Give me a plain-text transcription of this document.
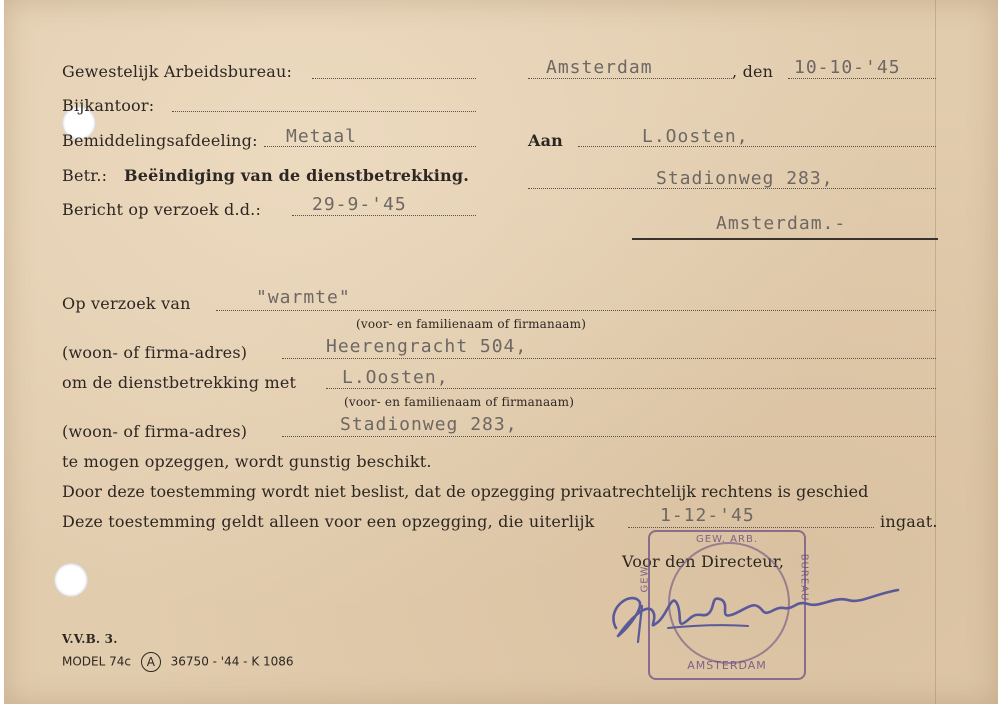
Gewestelijk Arbeidsbureau:
Bijkantoor:
Bemiddelingsafdeeling: Metaal
Betr.: Beëindiging van de dienstbetrekking.
Bericht op verzoek d.d.:	29-9-'45
Amsterdam	, den 10-10-'45
Aan	L.Oosten,
Stadionweg 283,
Amsterdam.-
Op verzoek van	"warmte"
(voor- en familienaam of firmanaam)
(woon- of firma-adres)	Heerengracht 504,
om de dienstbetrekking met	L.Oosten,
(voor- en familienaam of firmanaam)
(woon- of firma-adres)	Stadionweg 283,
te mogen opzeggen, wordt gunstig beschikt.
Door deze toestemming wordt niet beslist, dat de opzegging privaatrechtelijk rechtens is geschied
Deze toestemming geldt alleen voor een opzegging, die uiterlijk	1-12-'45	ingaat.
Voor den Directeur,
GEW. ARB.
GEW.	BUREAU
AMSTERDAM
V.V.B. 3.
MODEL 74c A 36750 - '44 - K 1086
